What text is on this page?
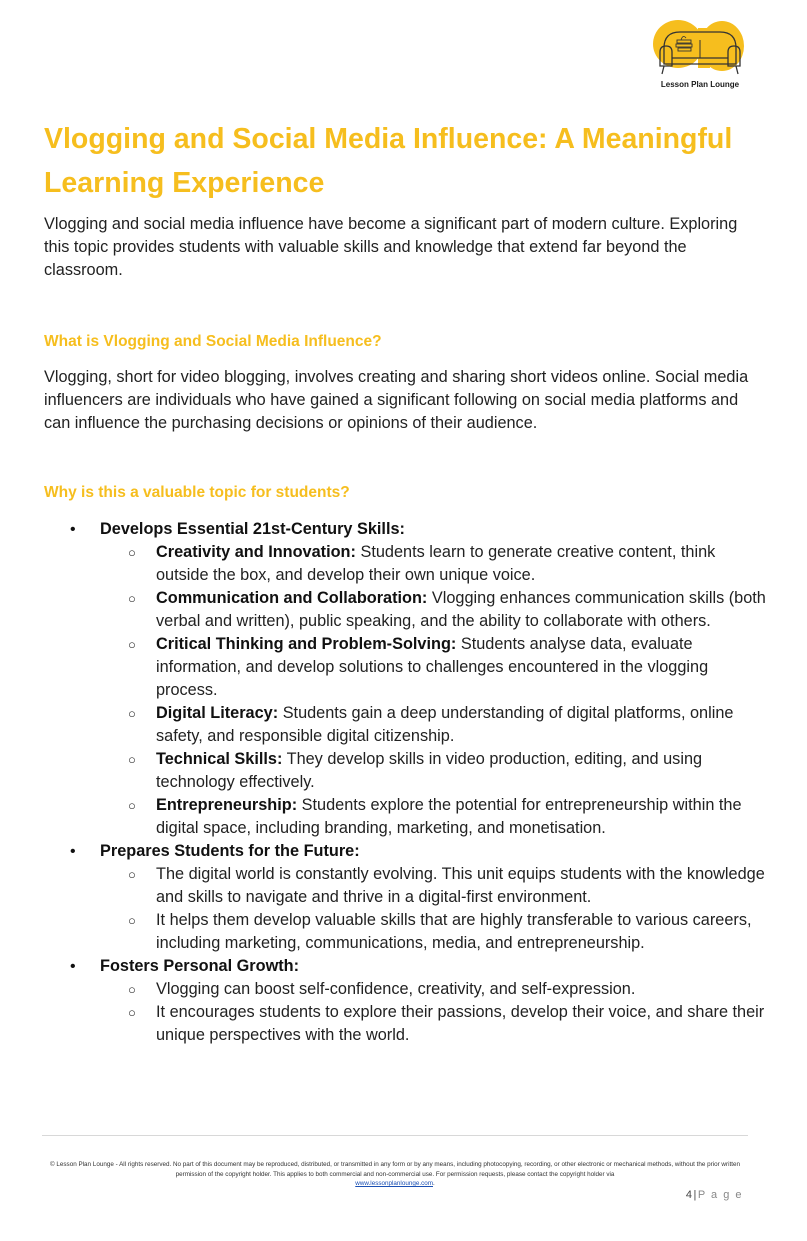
Lesson Plan Lounge
Vlogging and Social Media Influence: A Meaningful Learning Experience

Vlogging and social media influence have become a significant part of modern culture. Exploring this topic provides students with valuable skills and knowledge that extend far beyond the classroom.

What is Vlogging and Social Media Influence?

Vlogging, short for video blogging, involves creating and sharing short videos online. Social media influencers are individuals who have gained a significant following on social media platforms and can influence the purchasing decisions or opinions of their audience.

Why is this a valuable topic for students?
• Develops Essential 21st-Century Skills:
○ Creativity and Innovation: Students learn to generate creative content, think outside the box, and develop their own unique voice.
○ Communication and Collaboration: Vlogging enhances communication skills (both verbal and written), public speaking, and the ability to collaborate with others.
○ Critical Thinking and Problem-Solving: Students analyse data, evaluate information, and develop solutions to challenges encountered in the vlogging process.
○ Digital Literacy: Students gain a deep understanding of digital platforms, online safety, and responsible digital citizenship.
○ Technical Skills: They develop skills in video production, editing, and using technology effectively.
○ Entrepreneurship: Students explore the potential for entrepreneurship within the digital space, including branding, marketing, and monetisation.
• Prepares Students for the Future:
○ The digital world is constantly evolving. This unit equips students with the knowledge and skills to navigate and thrive in a digital-first environment.
○ It helps them develop valuable skills that are highly transferable to various careers, including marketing, communications, media, and entrepreneurship.
• Fosters Personal Growth:
○ Vlogging can boost self-confidence, creativity, and self-expression.
○ It encourages students to explore their passions, develop their voice, and share their unique perspectives with the world.
© Lesson Plan Lounge - All rights reserved. No part of this document may be reproduced, distributed, or transmitted in any form or by any means, including photocopying, recording, or other electronic or mechanical methods, without the prior written permission of the copyright holder. This applies to both commercial and non-commercial use. For permission requests, please contact the copyright holder via
www.lessonplanlounge.com.
4|P a g e
